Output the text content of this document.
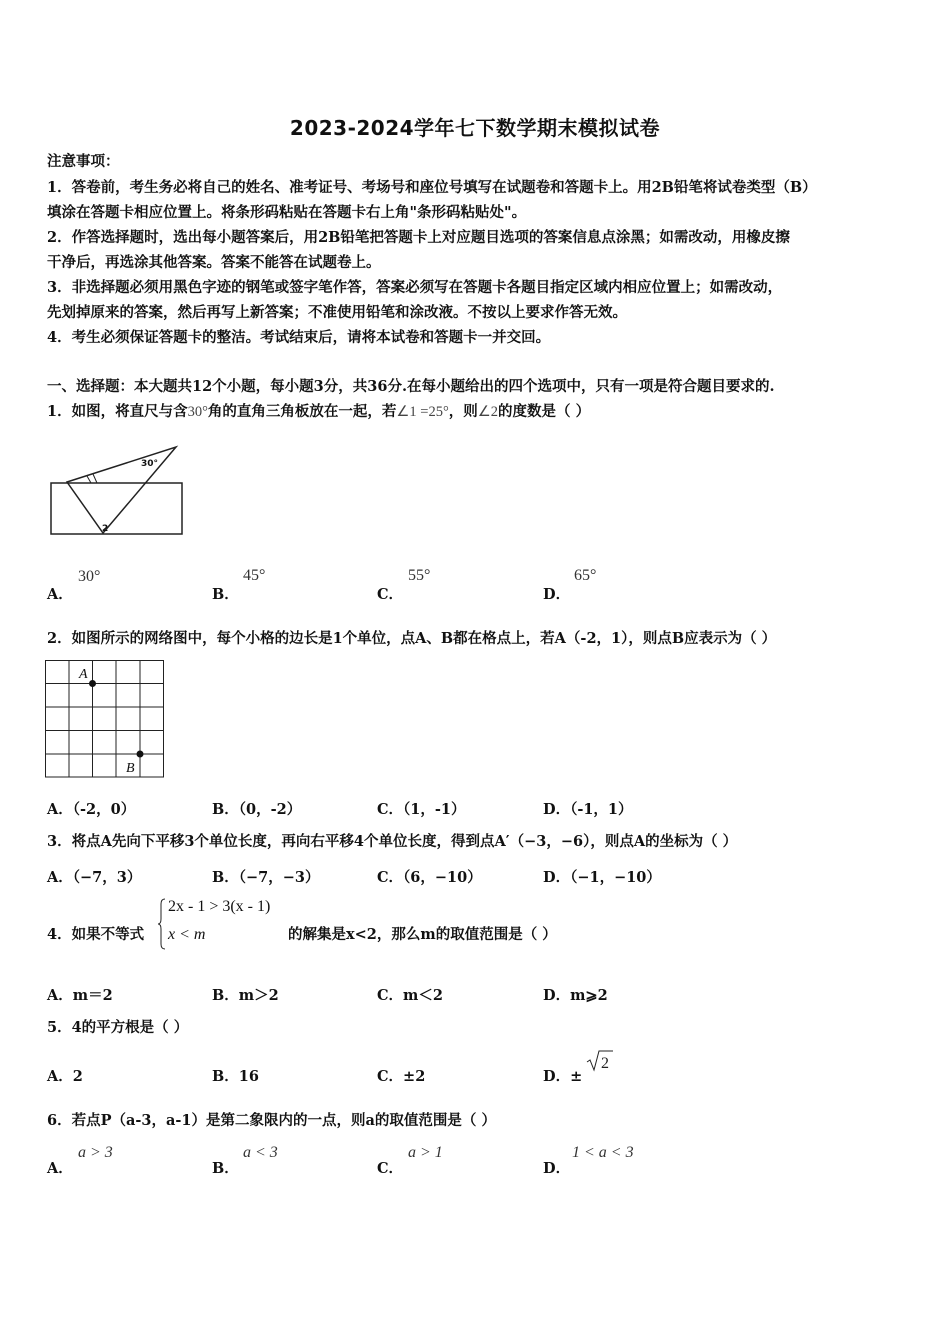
2023-2024学年七下数学期末模拟试卷
注意事项：
1．答卷前，考生务必将自己的姓名、准考证号、考场号和座位号填写在试题卷和答题卡上。用2B铅笔将试卷类型（B）
填涂在答题卡相应位置上。将条形码粘贴在答题卡右上角"条形码粘贴处"。
2．作答选择题时，选出每小题答案后，用2B铅笔把答题卡上对应题目选项的答案信息点涂黑；如需改动，用橡皮擦
干净后，再选涂其他答案。答案不能答在试题卷上。
3．非选择题必须用黑色字迹的钢笔或签字笔作答，答案必须写在答题卡各题目指定区域内相应位置上；如需改动，
先划掉原来的答案，然后再写上新答案；不准使用铅笔和涂改液。不按以上要求作答无效。
4．考生必须保证答题卡的整洁。考试结束后，请将本试卷和答题卡一并交回。
一、选择题：本大题共12个小题，每小题3分，共36分.在每小题给出的四个选项中，只有一项是符合题目要求的.
1．如图，将直尺与含30°角的直角三角板放在一起，若∠1 =25°，则∠2的度数是（ ）
30°
2
A．
30°
B．
45°
C．
55°
D．
65°
2．如图所示的网络图中，每个小格的边长是1个单位，点A、B都在格点上，若A（-2，1），则点B应表示为（ ）
A
B
A．（-2，0）	B．（0，-2）	C．（1，-1）	D．（-1，1）
3．将点A先向下平移3个单位长度，再向右平移4个单位长度，得到点A′（−3，−6），则点A的坐标为（ ）
A．（−7，3）	B．（−7，−3）	C．（6，−10）	D．（−1，−10）
4．如果不等式
2x - 1 > 3(x - 1)
x < m	的解集是x<2，那么m的取值范围是（ ）
A．m＝2	B．m＞2	C．m＜2	D．m⩾2
5．4的平方根是（ ）
A．2	B．16	C．±2	D．±
2
6．若点P（a-3，a-1）是第二象限内的一点，则a的取值范围是（ ）
A．
a > 3
B．
a < 3
C．
a > 1
D．
1 < a < 3
